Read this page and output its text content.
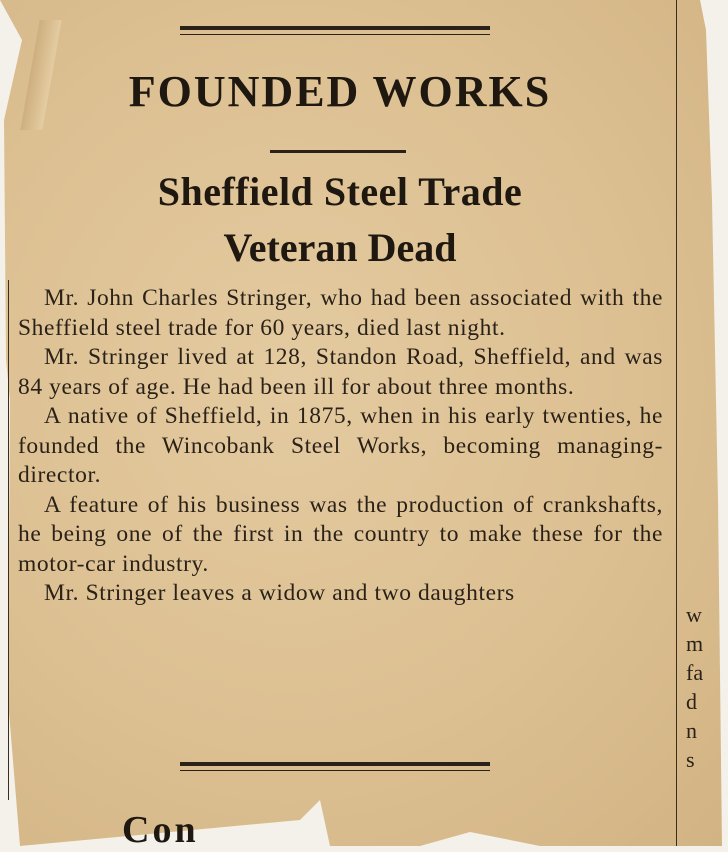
FOUNDED WORKS
Sheffield Steel Trade
Veteran Dead

Mr. John Charles Stringer, who had been associated with the Sheffield steel trade for 60 years, died last night.

Mr. Stringer lived at 128, Standon Road, Sheffield, and was 84 years of age. He had been ill for about three months.

A native of Sheffield, in 1875, when in his early twenties, he founded the Wincobank Steel Works, becoming managing-director.

A feature of his business was the production of crankshafts, he being one of the first in the country to make these for the motor-car industry.

Mr. Stringer leaves a widow and two daughters

w
m
fa
d
n
s
Con
